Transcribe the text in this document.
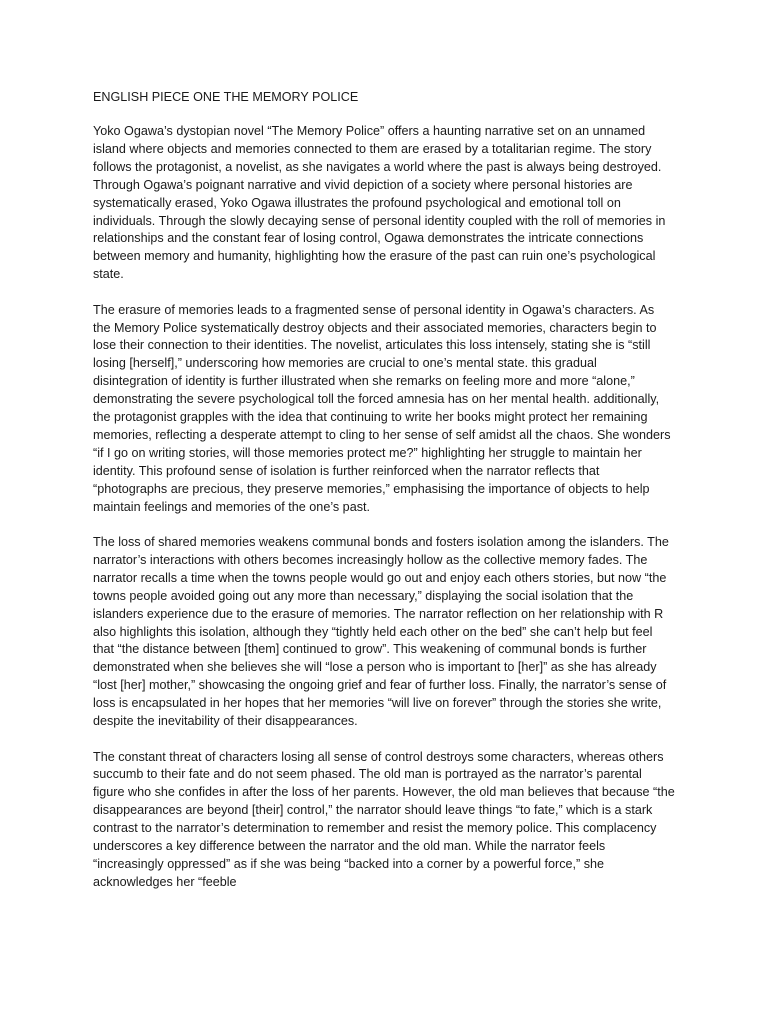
ENGLISH PIECE ONE THE MEMORY POLICE

Yoko Ogawa’s dystopian novel “The Memory Police” offers a haunting narrative set on an unnamed island where objects and memories connected to them are erased by a totalitarian regime. The story follows the protagonist, a novelist, as she navigates a world where the past is always being destroyed. Through Ogawa’s poignant narrative and vivid depiction of a society where personal histories are systematically erased, Yoko Ogawa illustrates the profound psychological and emotional toll on individuals. Through the slowly decaying sense of personal identity coupled with the roll of memories in relationships and the constant fear of losing control, Ogawa demonstrates the intricate connections between memory and humanity, highlighting how the erasure of the past can ruin one’s psychological state.

The erasure of memories leads to a fragmented sense of personal identity in Ogawa’s characters. As the Memory Police systematically destroy objects and their associated memories, characters begin to lose their connection to their identities. The novelist, articulates this loss intensely, stating she is “still losing [herself],” underscoring how memories are crucial to one’s mental state. this gradual disintegration of identity is further illustrated when she remarks on feeling more and more “alone,” demonstrating the severe psychological toll the forced amnesia has on her mental health. additionally, the protagonist grapples with the idea that continuing to write her books might protect her remaining memories, reflecting a desperate attempt to cling to her sense of self amidst all the chaos. She wonders “if I go on writing stories, will those memories protect me?” highlighting her struggle to maintain her identity. This profound sense of isolation is further reinforced when the narrator reflects that “photographs are precious, they preserve memories,” emphasising the importance of objects to help maintain feelings and memories of the one’s past.

The loss of shared memories weakens communal bonds and fosters isolation among the islanders. The narrator’s interactions with others becomes increasingly hollow as the collective memory fades. The narrator recalls a time when the towns people would go out and enjoy each others stories, but now “the towns people avoided going out any more than necessary,” displaying the social isolation that the islanders experience due to the erasure of memories. The narrator reflection on her relationship with R also highlights this isolation, although they “tightly held each other on the bed” she can’t help but feel that “the distance between [them] continued to grow”. This weakening of communal bonds is further demonstrated when she believes she will “lose a person who is important to [her]” as she has already “lost [her] mother,” showcasing the ongoing grief and fear of further loss. Finally, the narrator’s sense of loss is encapsulated in her hopes that her memories “will live on forever” through the stories she write, despite the inevitability of their disappearances.

The constant threat of characters losing all sense of control destroys some characters, whereas others succumb to their fate and do not seem phased. The old man is portrayed as the narrator’s parental figure who she confides in after the loss of her parents. However, the old man believes that because “the disappearances are beyond [their] control,” the narrator should leave things “to fate,” which is a stark contrast to the narrator’s determination to remember and resist the memory police. This complacency underscores a key difference between the narrator and the old man. While the narrator feels “increasingly oppressed” as if she was being “backed into a corner by a powerful force,” she acknowledges her “feeble
